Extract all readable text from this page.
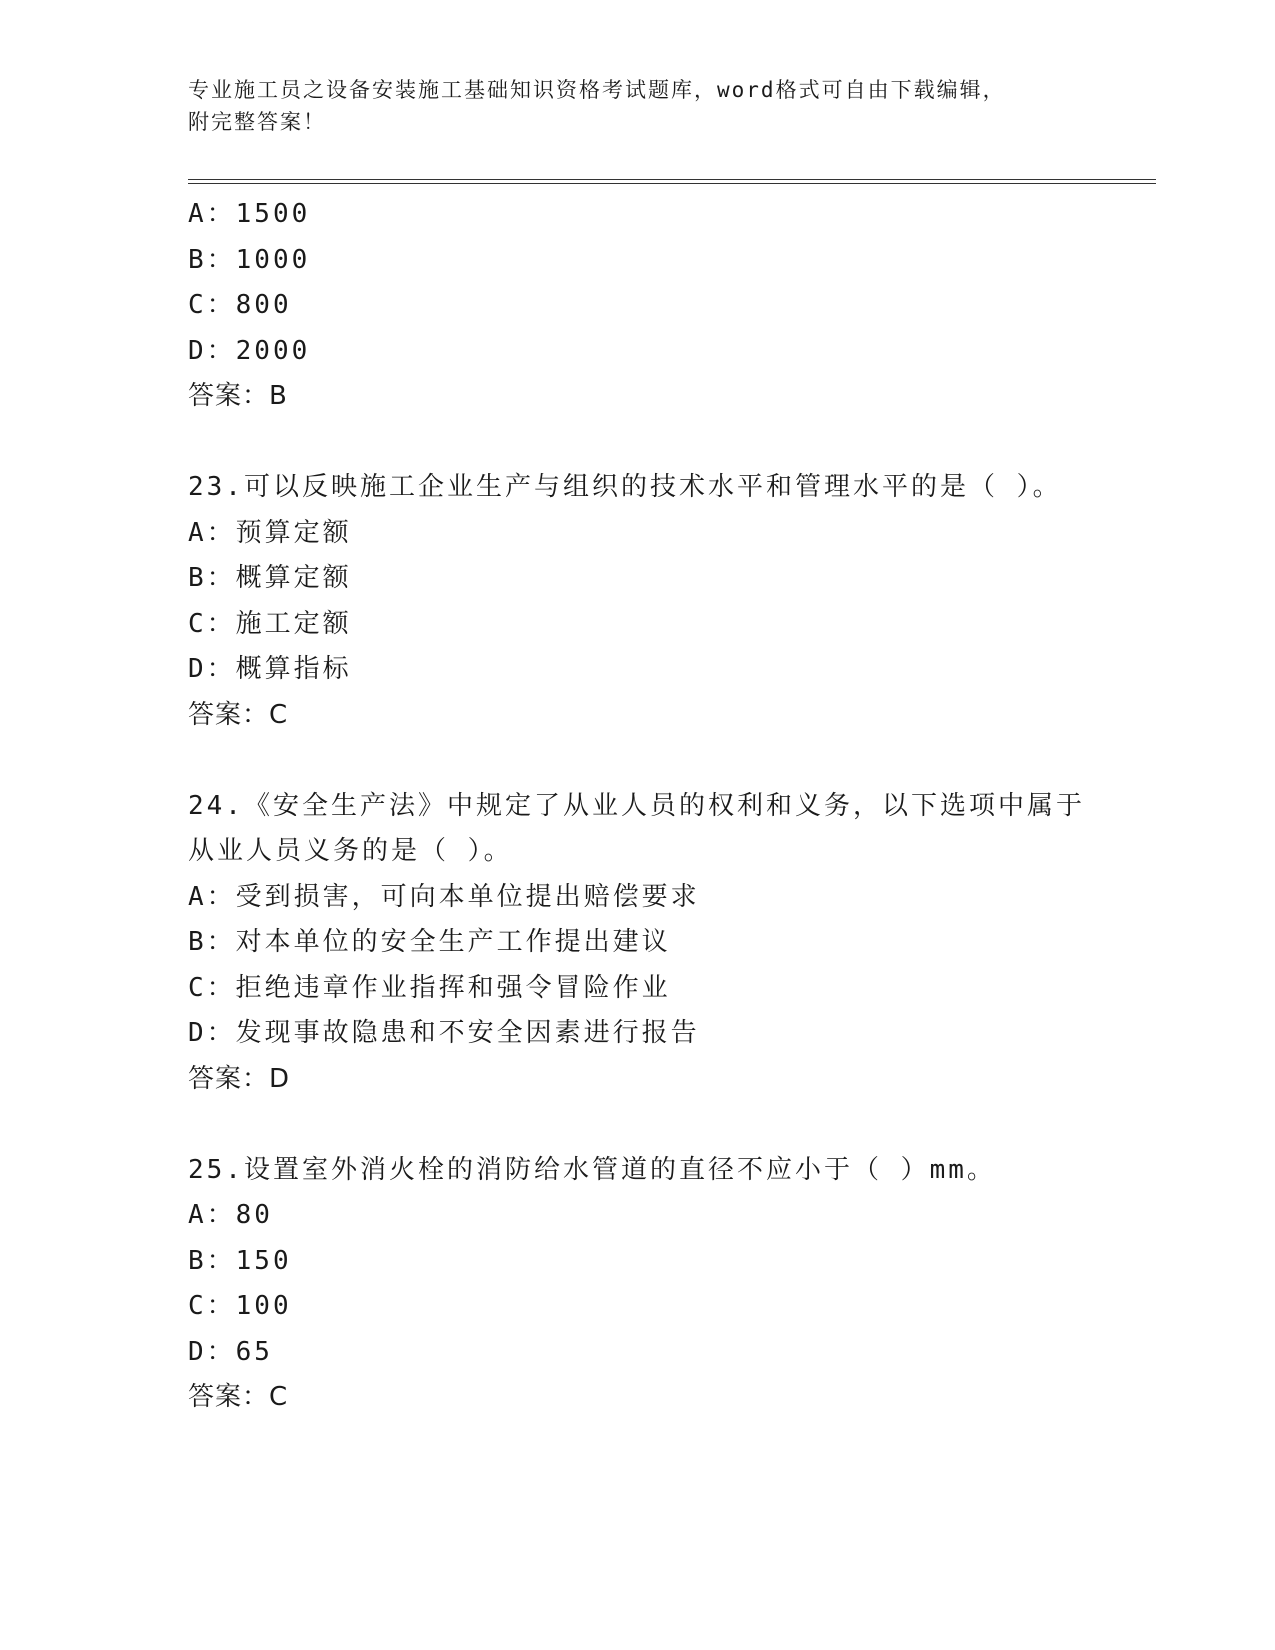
专业施工员之设备安装施工基础知识资格考试题库，word格式可自由下载编辑，
附完整答案！
A：1500
B：1000
C：800
D：2000
答案：B
23.可以反映施工企业生产与组织的技术水平和管理水平的是（ ）。
A：预算定额
B：概算定额
C：施工定额
D：概算指标
答案：C
24.《安全生产法》中规定了从业人员的权利和义务，以下选项中属于从业人员义务的是（ ）。
A：受到损害，可向本单位提出赔偿要求
B：对本单位的安全生产工作提出建议
C：拒绝违章作业指挥和强令冒险作业
D：发现事故隐患和不安全因素进行报告
答案：D
25.设置室外消火栓的消防给水管道的直径不应小于（ ）mm。
A：80
B：150
C：100
D：65
答案：C
